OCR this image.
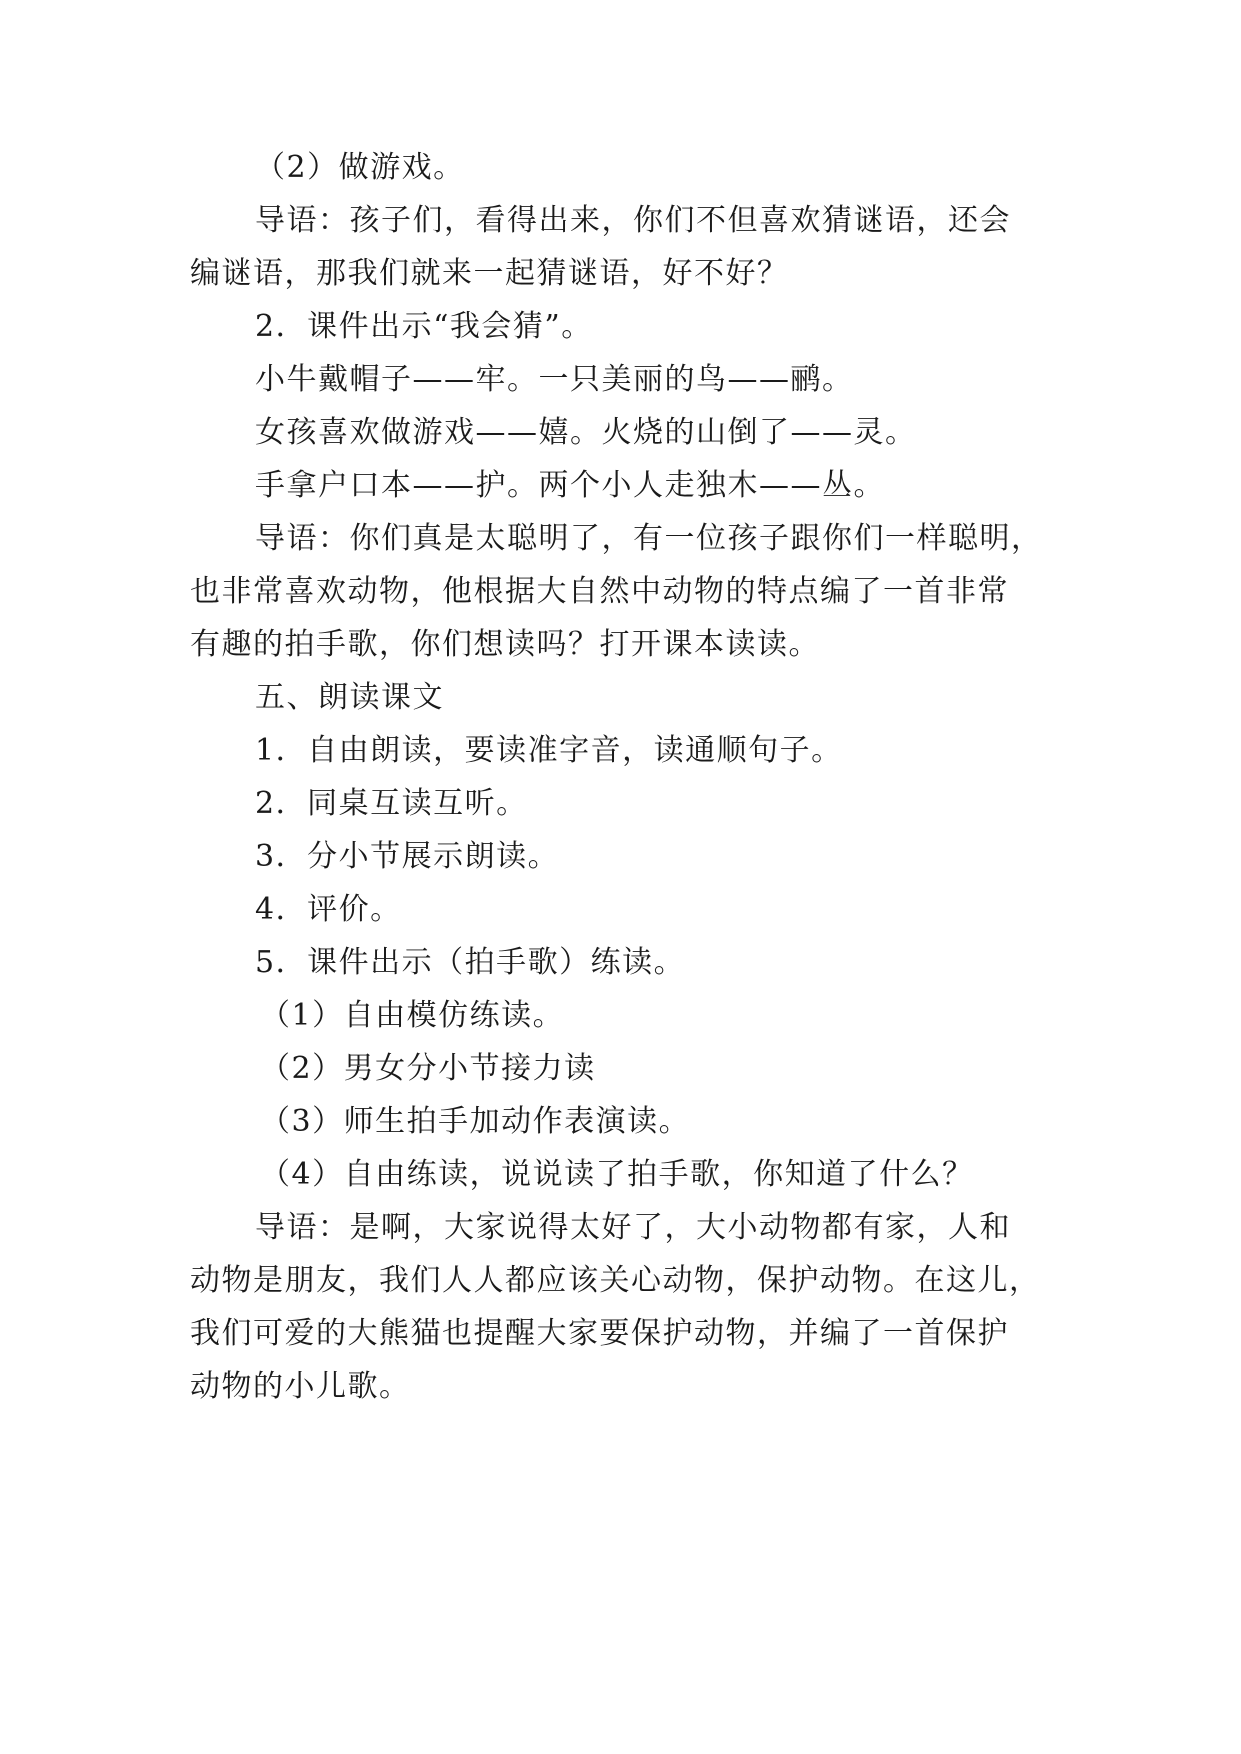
（2）做游戏。
导语：孩子们，看得出来，你们不但喜欢猜谜语，还会
编谜语，那我们就来一起猜谜语，好不好？
2．课件出示“我会猜”。
小牛戴帽子——牢。一只美丽的鸟——鹂。
女孩喜欢做游戏——嬉。火烧的山倒了——灵。
手拿户口本——护。两个小人走独木——丛。
导语：你们真是太聪明了，有一位孩子跟你们一样聪明，
也非常喜欢动物，他根据大自然中动物的特点编了一首非常
有趣的拍手歌，你们想读吗？打开课本读读。
五、朗读课文
1．自由朗读，要读准字音，读通顺句子。
2．同桌互读互听。
3．分小节展示朗读。
4．评价。
5．课件出示（拍手歌）练读。
（1）自由模仿练读。
（2）男女分小节接力读
（3）师生拍手加动作表演读。
（4）自由练读，说说读了拍手歌，你知道了什么？
导语：是啊，大家说得太好了，大小动物都有家，人和
动物是朋友，我们人人都应该关心动物，保护动物。在这儿，
我们可爱的大熊猫也提醒大家要保护动物，并编了一首保护
动物的小儿歌。
